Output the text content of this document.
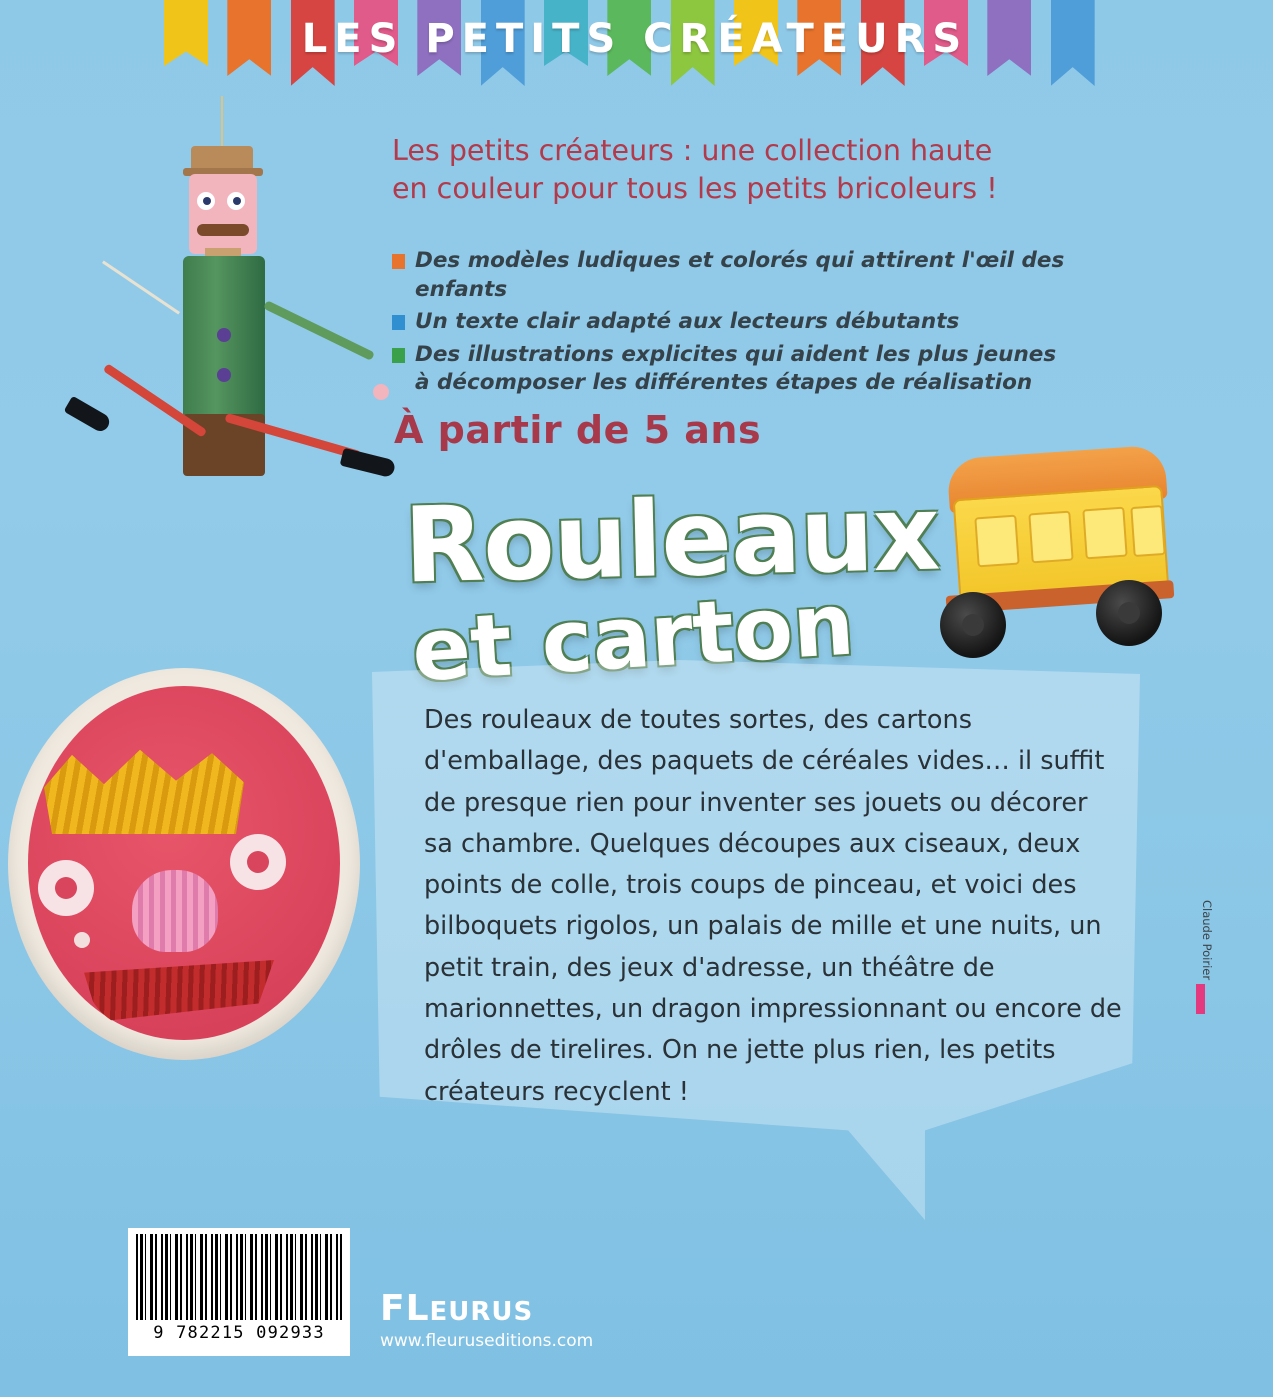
LES PETITS CRÉATEURS
Les petits créateurs : une collection haute
en couleur pour tous les petits bricoleurs !
Des modèles ludiques et colorés qui attirent l'œil des enfants
Un texte clair adapté aux lecteurs débutants
Des illustrations explicites qui aident les plus jeunes
à décomposer les différentes étapes de réalisation
À partir de 5 ans
Rouleaux
et carton
Des rouleaux de toutes sortes, des cartons d'emballage, des paquets de céréales vides… il suffit de presque rien pour inventer ses jouets ou décorer sa chambre. Quelques découpes aux ciseaux, deux points de colle, trois coups de pinceau, et voici des bilboquets rigolos, un palais de mille et une nuits, un petit train, des jeux d'adresse, un théâtre de marionnettes, un dragon impressionnant ou encore de drôles de tirelires. On ne jette plus rien, les petits créateurs recyclent !
Claude Poirier
9 782215 092933
FLEURUS
www.fleuruseditions.com
